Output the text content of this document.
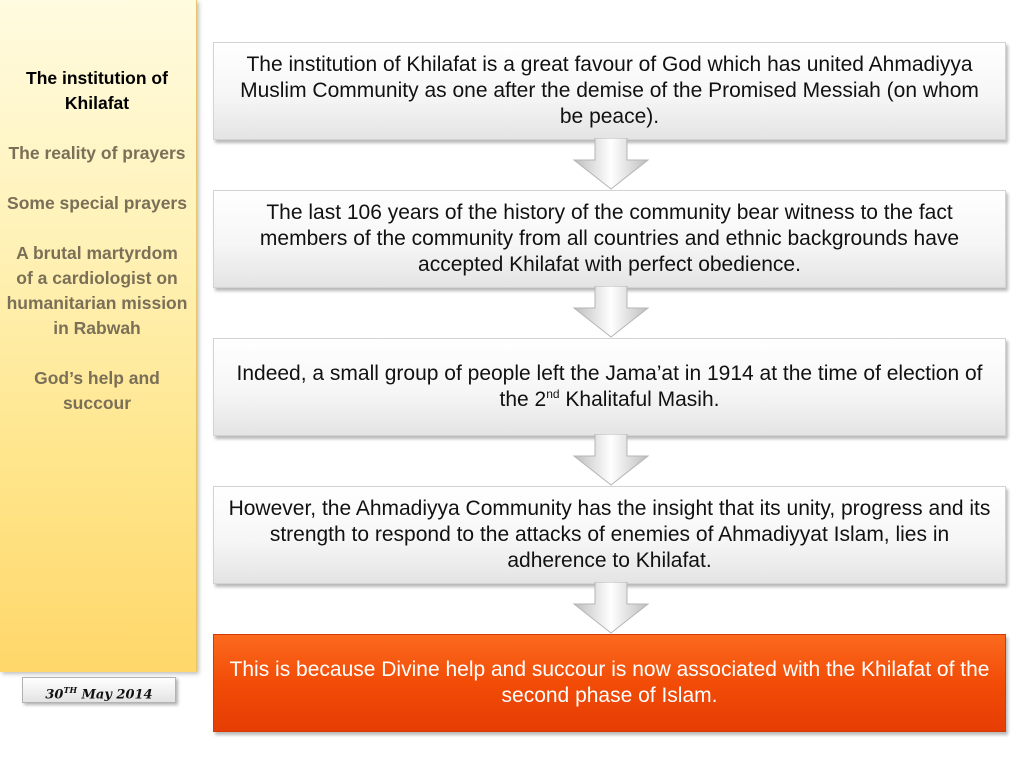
The institution of Khilafat
The reality of prayers
Some special prayers
A brutal martyrdom of a cardiologist on humanitarian mission in Rabwah
God’s help and succour
30TH May 2014
The institution of Khilafat is a great favour of God which has united Ahmadiyya Muslim Community as one after the demise of the Promised Messiah (on whom be peace).
The last 106 years of the history of the community bear witness to the fact members of the community from all countries and ethnic backgrounds have accepted Khilafat with perfect obedience.
Indeed, a small group of people left the Jama’at in 1914 at the time of election of the 2nd Khalitaful Masih.
However, the Ahmadiyya Community has the insight that its unity, progress and its strength to respond to the attacks of enemies of Ahmadiyyat Islam, lies in adherence to Khilafat.
This is because Divine help and succour is now associated with the Khilafat of the second phase of Islam.
